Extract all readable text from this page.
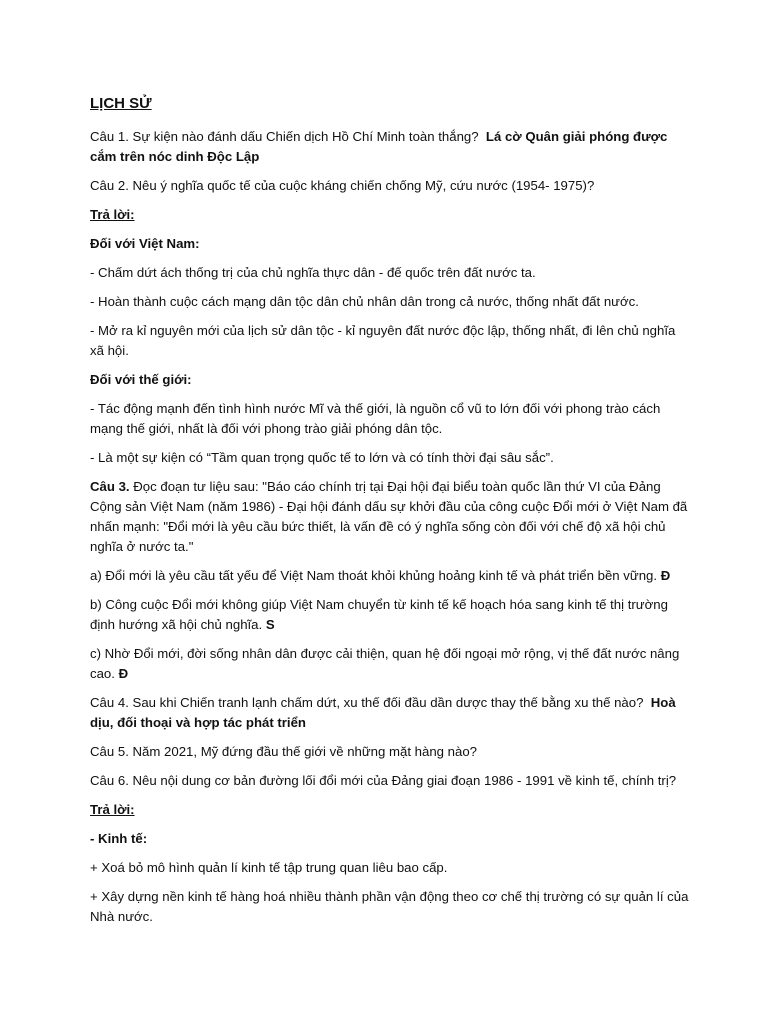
LỊCH SỬ

Câu 1. Sự kiện nào đánh dấu Chiến dịch Hồ Chí Minh toàn thắng? Lá cờ Quân giải phóng được cắm trên nóc dinh Độc Lập

Câu 2. Nêu ý nghĩa quốc tế của cuộc kháng chiến chống Mỹ, cứu nước (1954- 1975)?

Trả lời:

Đối với Việt Nam:

- Chấm dứt ách thống trị của chủ nghĩa thực dân - đế quốc trên đất nước ta.

- Hoàn thành cuộc cách mạng dân tộc dân chủ nhân dân trong cả nước, thống nhất đất nước.

- Mở ra kỉ nguyên mới của lịch sử dân tộc - kỉ nguyên đất nước độc lập, thống nhất, đi lên chủ nghĩa xã hội.

Đối với thế giới:

- Tác động mạnh đến tình hình nước Mĩ và thế giới, là nguồn cổ vũ to lớn đối với phong trào cách mạng thế giới, nhất là đối với phong trào giải phóng dân tộc.

- Là một sự kiện có “Tầm quan trọng quốc tế to lớn và có tính thời đại sâu sắc”.

Câu 3. Đọc đoạn tư liệu sau: "Báo cáo chính trị tại Đại hội đại biểu toàn quốc lần thứ VI của Đảng Cộng sản Việt Nam (năm 1986) - Đại hội đánh dấu sự khởi đầu của công cuộc Đổi mới ở Việt Nam đã nhấn mạnh: "Đổi mới là yêu cầu bức thiết, là vấn đề có ý nghĩa sống còn đối với chế độ xã hội chủ nghĩa ở nước ta."

a) Đổi mới là yêu cầu tất yếu để Việt Nam thoát khỏi khủng hoảng kinh tế và phát triển bền vững. Đ

b) Công cuộc Đổi mới không giúp Việt Nam chuyển từ kinh tế kế hoạch hóa sang kinh tế thị trường định hướng xã hội chủ nghĩa. S

c) Nhờ Đổi mới, đời sống nhân dân được cải thiện, quan hệ đối ngoại mở rộng, vị thế đất nước nâng cao. Đ

Câu 4. Sau khi Chiến tranh lạnh chấm dứt, xu thế đối đầu dần dược thay thế bằng xu thế nào? Hoà dịu, đối thoại và hợp tác phát triển

Câu 5. Năm 2021, Mỹ đứng đầu thế giới về những mặt hàng nào?

Câu 6. Nêu nội dung cơ bản đường lối đổi mới của Đảng giai đoạn 1986 - 1991 về kinh tế, chính trị?

Trả lời:

- Kinh tế:

+ Xoá bỏ mô hình quản lí kinh tế tập trung quan liêu bao cấp.

+ Xây dựng nền kinh tế hàng hoá nhiều thành phần vận động theo cơ chế thị trường có sự quản lí của Nhà nước.
